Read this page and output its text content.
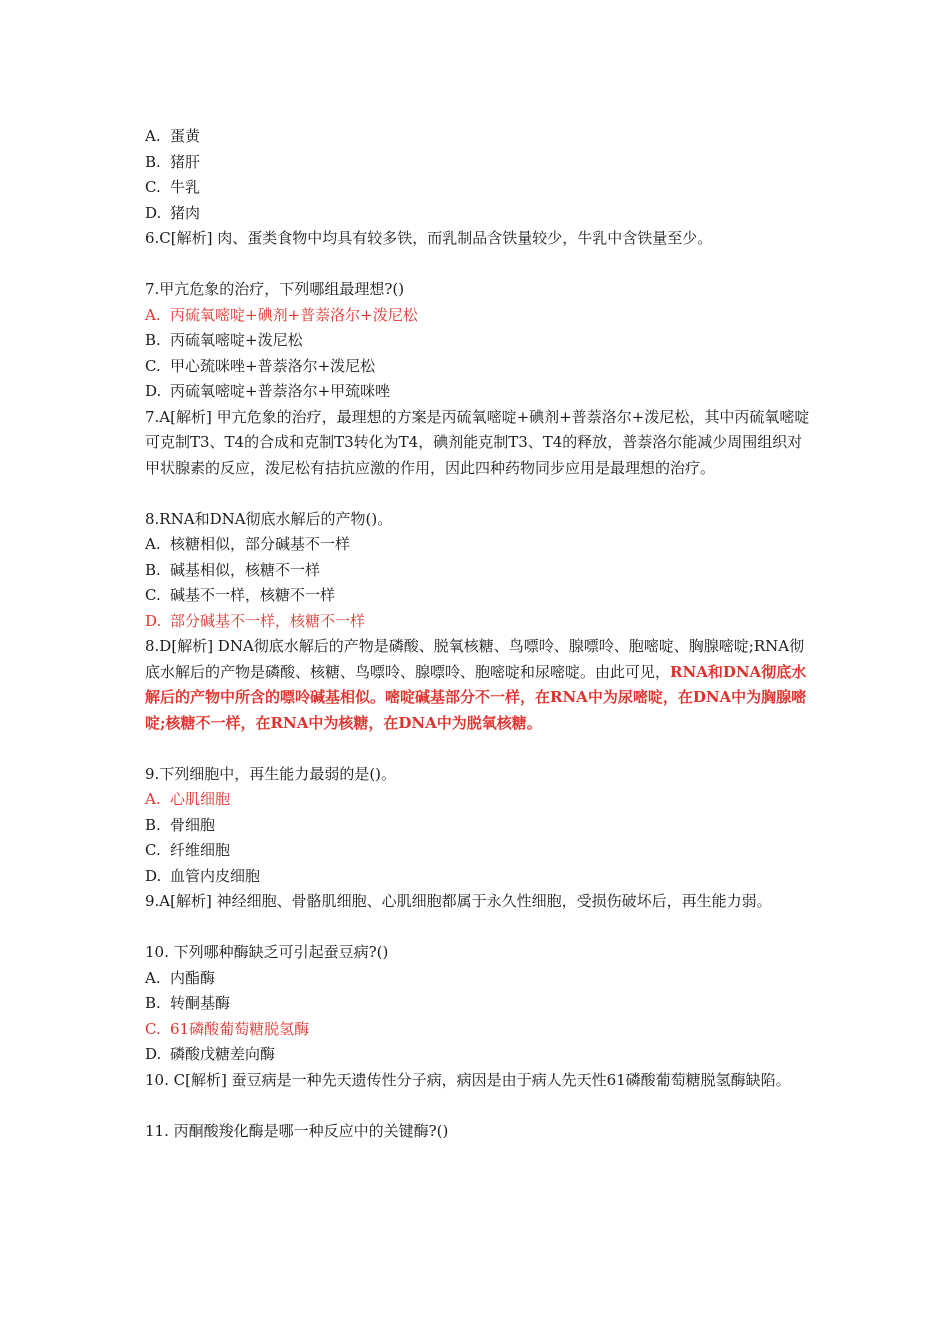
A. 蛋黄
B. 猪肝
C. 牛乳
D. 猪肉
6.C[解析] 肉、蛋类食物中均具有较多铁，而乳制品含铁量较少，牛乳中含铁量至少。
7.甲亢危象的治疗，下列哪组最理想?()
A. 丙硫氧嘧啶+碘剂+普萘洛尔+泼尼松
B. 丙硫氧嘧啶+泼尼松
C. 甲心巯咪唑+普萘洛尔+泼尼松
D. 丙硫氧嘧啶+普萘洛尔+甲巯咪唑
7.A[解析] 甲亢危象的治疗，最理想的方案是丙硫氧嘧啶+碘剂+普萘洛尔+泼尼松，其中丙硫氧嘧啶可克制T3、T4的合成和克制T3转化为T4，碘剂能克制T3、T4的释放，普萘洛尔能减少周围组织对甲状腺素的反应，泼尼松有拮抗应激的作用，因此四种药物同步应用是最理想的治疗。
8.RNA和DNA彻底水解后的产物()。
A. 核糖相似，部分碱基不一样
B. 碱基相似，核糖不一样
C. 碱基不一样，核糖不一样
D. 部分碱基不一样，核糖不一样
8.D[解析] DNA彻底水解后的产物是磷酸、脱氧核糖、鸟嘌呤、腺嘌呤、胞嘧啶、胸腺嘧啶;RNA彻底水解后的产物是磷酸、核糖、鸟嘌呤、腺嘌呤、胞嘧啶和尿嘧啶。由此可见，RNA和DNA彻底水解后的产物中所含的嘌呤碱基相似。嘧啶碱基部分不一样，在RNA中为尿嘧啶，在DNA中为胸腺嘧啶;核糖不一样，在RNA中为核糖，在DNA中为脱氧核糖。
9.下列细胞中，再生能力最弱的是()。
A. 心肌细胞
B. 骨细胞
C. 纤维细胞
D. 血管内皮细胞
9.A[解析] 神经细胞、骨骼肌细胞、心肌细胞都属于永久性细胞，受损伤破坏后，再生能力弱。
10. 下列哪种酶缺乏可引起蚕豆病?()
A. 内酯酶
B. 转酮基酶
C. 61磷酸葡萄糖脱氢酶
D. 磷酸戊糖差向酶
10. C[解析] 蚕豆病是一种先天遗传性分子病，病因是由于病人先天性61磷酸葡萄糖脱氢酶缺陷。
11. 丙酮酸羧化酶是哪一种反应中的关键酶?()
